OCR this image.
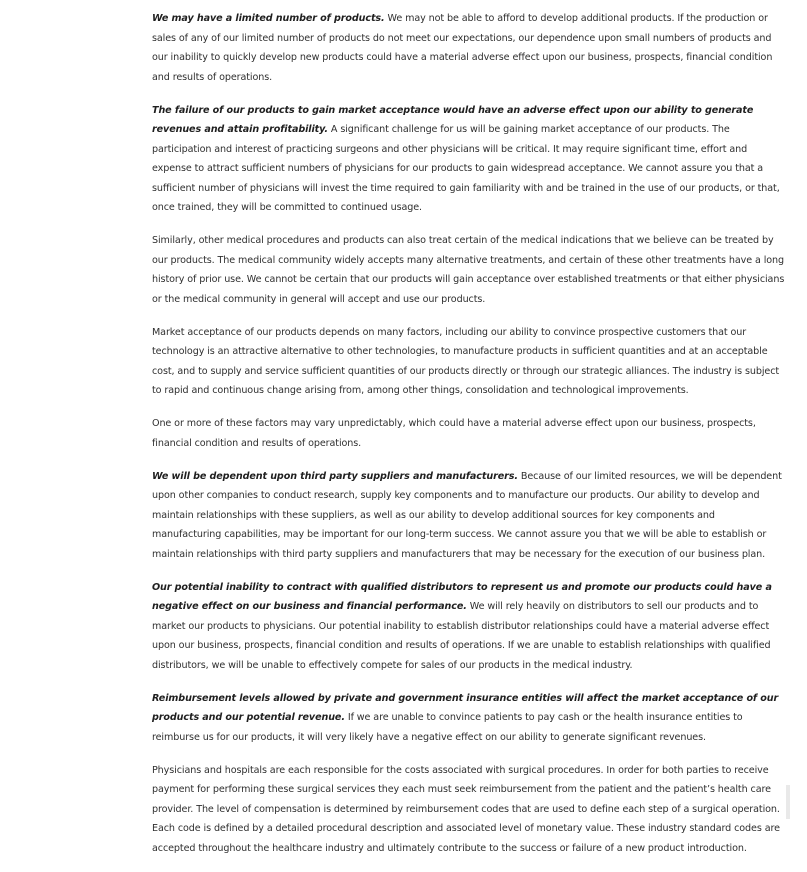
We may have a limited number of products. We may not be able to afford to develop additional products. If the production or sales of any of our limited number of products do not meet our expectations, our dependence upon small numbers of products and our inability to quickly develop new products could have a material adverse effect upon our business, prospects, financial condition and results of operations.

The failure of our products to gain market acceptance would have an adverse effect upon our ability to generate revenues and attain profitability. A significant challenge for us will be gaining market acceptance of our products. The participation and interest of practicing surgeons and other physicians will be critical. It may require significant time, effort and expense to attract sufficient numbers of physicians for our products to gain widespread acceptance. We cannot assure you that a sufficient number of physicians will invest the time required to gain familiarity with and be trained in the use of our products, or that, once trained, they will be committed to continued usage.

Similarly, other medical procedures and products can also treat certain of the medical indications that we believe can be treated by our products. The medical community widely accepts many alternative treatments, and certain of these other treatments have a long history of prior use. We cannot be certain that our products will gain acceptance over established treatments or that either physicians or the medical community in general will accept and use our products.

Market acceptance of our products depends on many factors, including our ability to convince prospective customers that our technology is an attractive alternative to other technologies, to manufacture products in sufficient quantities and at an acceptable cost, and to supply and service sufficient quantities of our products directly or through our strategic alliances. The industry is subject to rapid and continuous change arising from, among other things, consolidation and technological improvements.

One or more of these factors may vary unpredictably, which could have a material adverse effect upon our business, prospects, financial condition and results of operations.

We will be dependent upon third party suppliers and manufacturers. Because of our limited resources, we will be dependent upon other companies to conduct research, supply key components and to manufacture our products. Our ability to develop and maintain relationships with these suppliers, as well as our ability to develop additional sources for key components and manufacturing capabilities, may be important for our long-term success. We cannot assure you that we will be able to establish or maintain relationships with third party suppliers and manufacturers that may be necessary for the execution of our business plan.

Our potential inability to contract with qualified distributors to represent us and promote our products could have a negative effect on our business and financial performance. We will rely heavily on distributors to sell our products and to market our products to physicians. Our potential inability to establish distributor relationships could have a material adverse effect upon our business, prospects, financial condition and results of operations. If we are unable to establish relationships with qualified distributors, we will be unable to effectively compete for sales of our products in the medical industry.

Reimbursement levels allowed by private and government insurance entities will affect the market acceptance of our products and our potential revenue. If we are unable to convince patients to pay cash or the health insurance entities to reimburse us for our products, it will very likely have a negative effect on our ability to generate significant revenues.

Physicians and hospitals are each responsible for the costs associated with surgical procedures. In order for both parties to receive payment for performing these surgical services they each must seek reimbursement from the patient and the patient’s health care provider. The level of compensation is determined by reimbursement codes that are used to define each step of a surgical operation. Each code is defined by a detailed procedural description and associated level of monetary value. These industry standard codes are accepted throughout the healthcare industry and ultimately contribute to the success or failure of a new product introduction.
